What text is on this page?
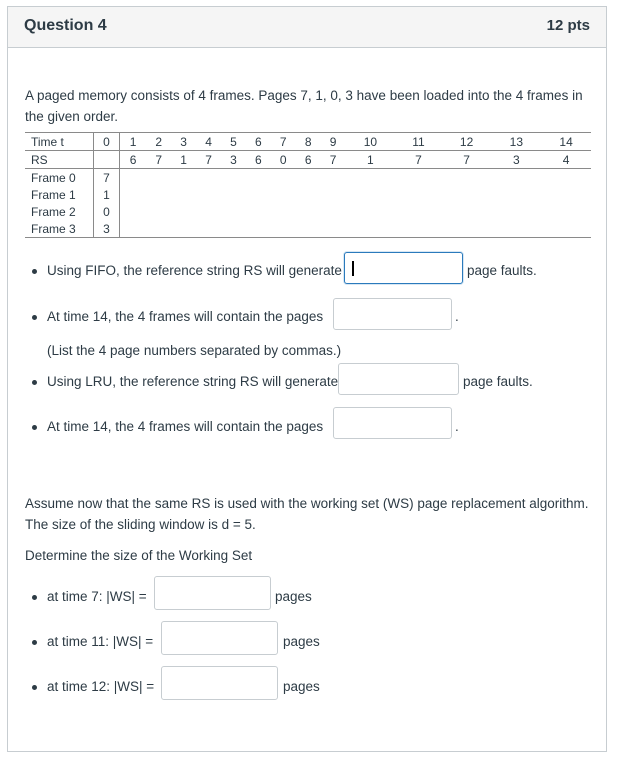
Question 4	12 pts
A paged memory consists of 4 frames. Pages 7, 1, 0, 3 have been loaded into the 4 frames in
the given order.
Time t	0	1	2	3	4	5	6	7	8	9	10	11	12	13	14
RS		6	7	1	7	3	6	0	6	7	1	7	7	3	4
Frame 0	7														
Frame 1	1														
Frame 2	0														
Frame 3	3														
Using FIFO, the reference string RS will generate	page faults.
At time 14, the 4 frames will contain the pages	.
(List the 4 page numbers separated by commas.)
Using LRU, the reference string RS will generate	page faults.
At time 14, the 4 frames will contain the pages	.
Assume now that the same RS is used with the working set (WS) page replacement algorithm.
The size of the sliding window is d = 5.
Determine the size of the Working Set
at time 7: |WS| =	pages
at time 11: |WS| =	pages
at time 12: |WS| =	pages
